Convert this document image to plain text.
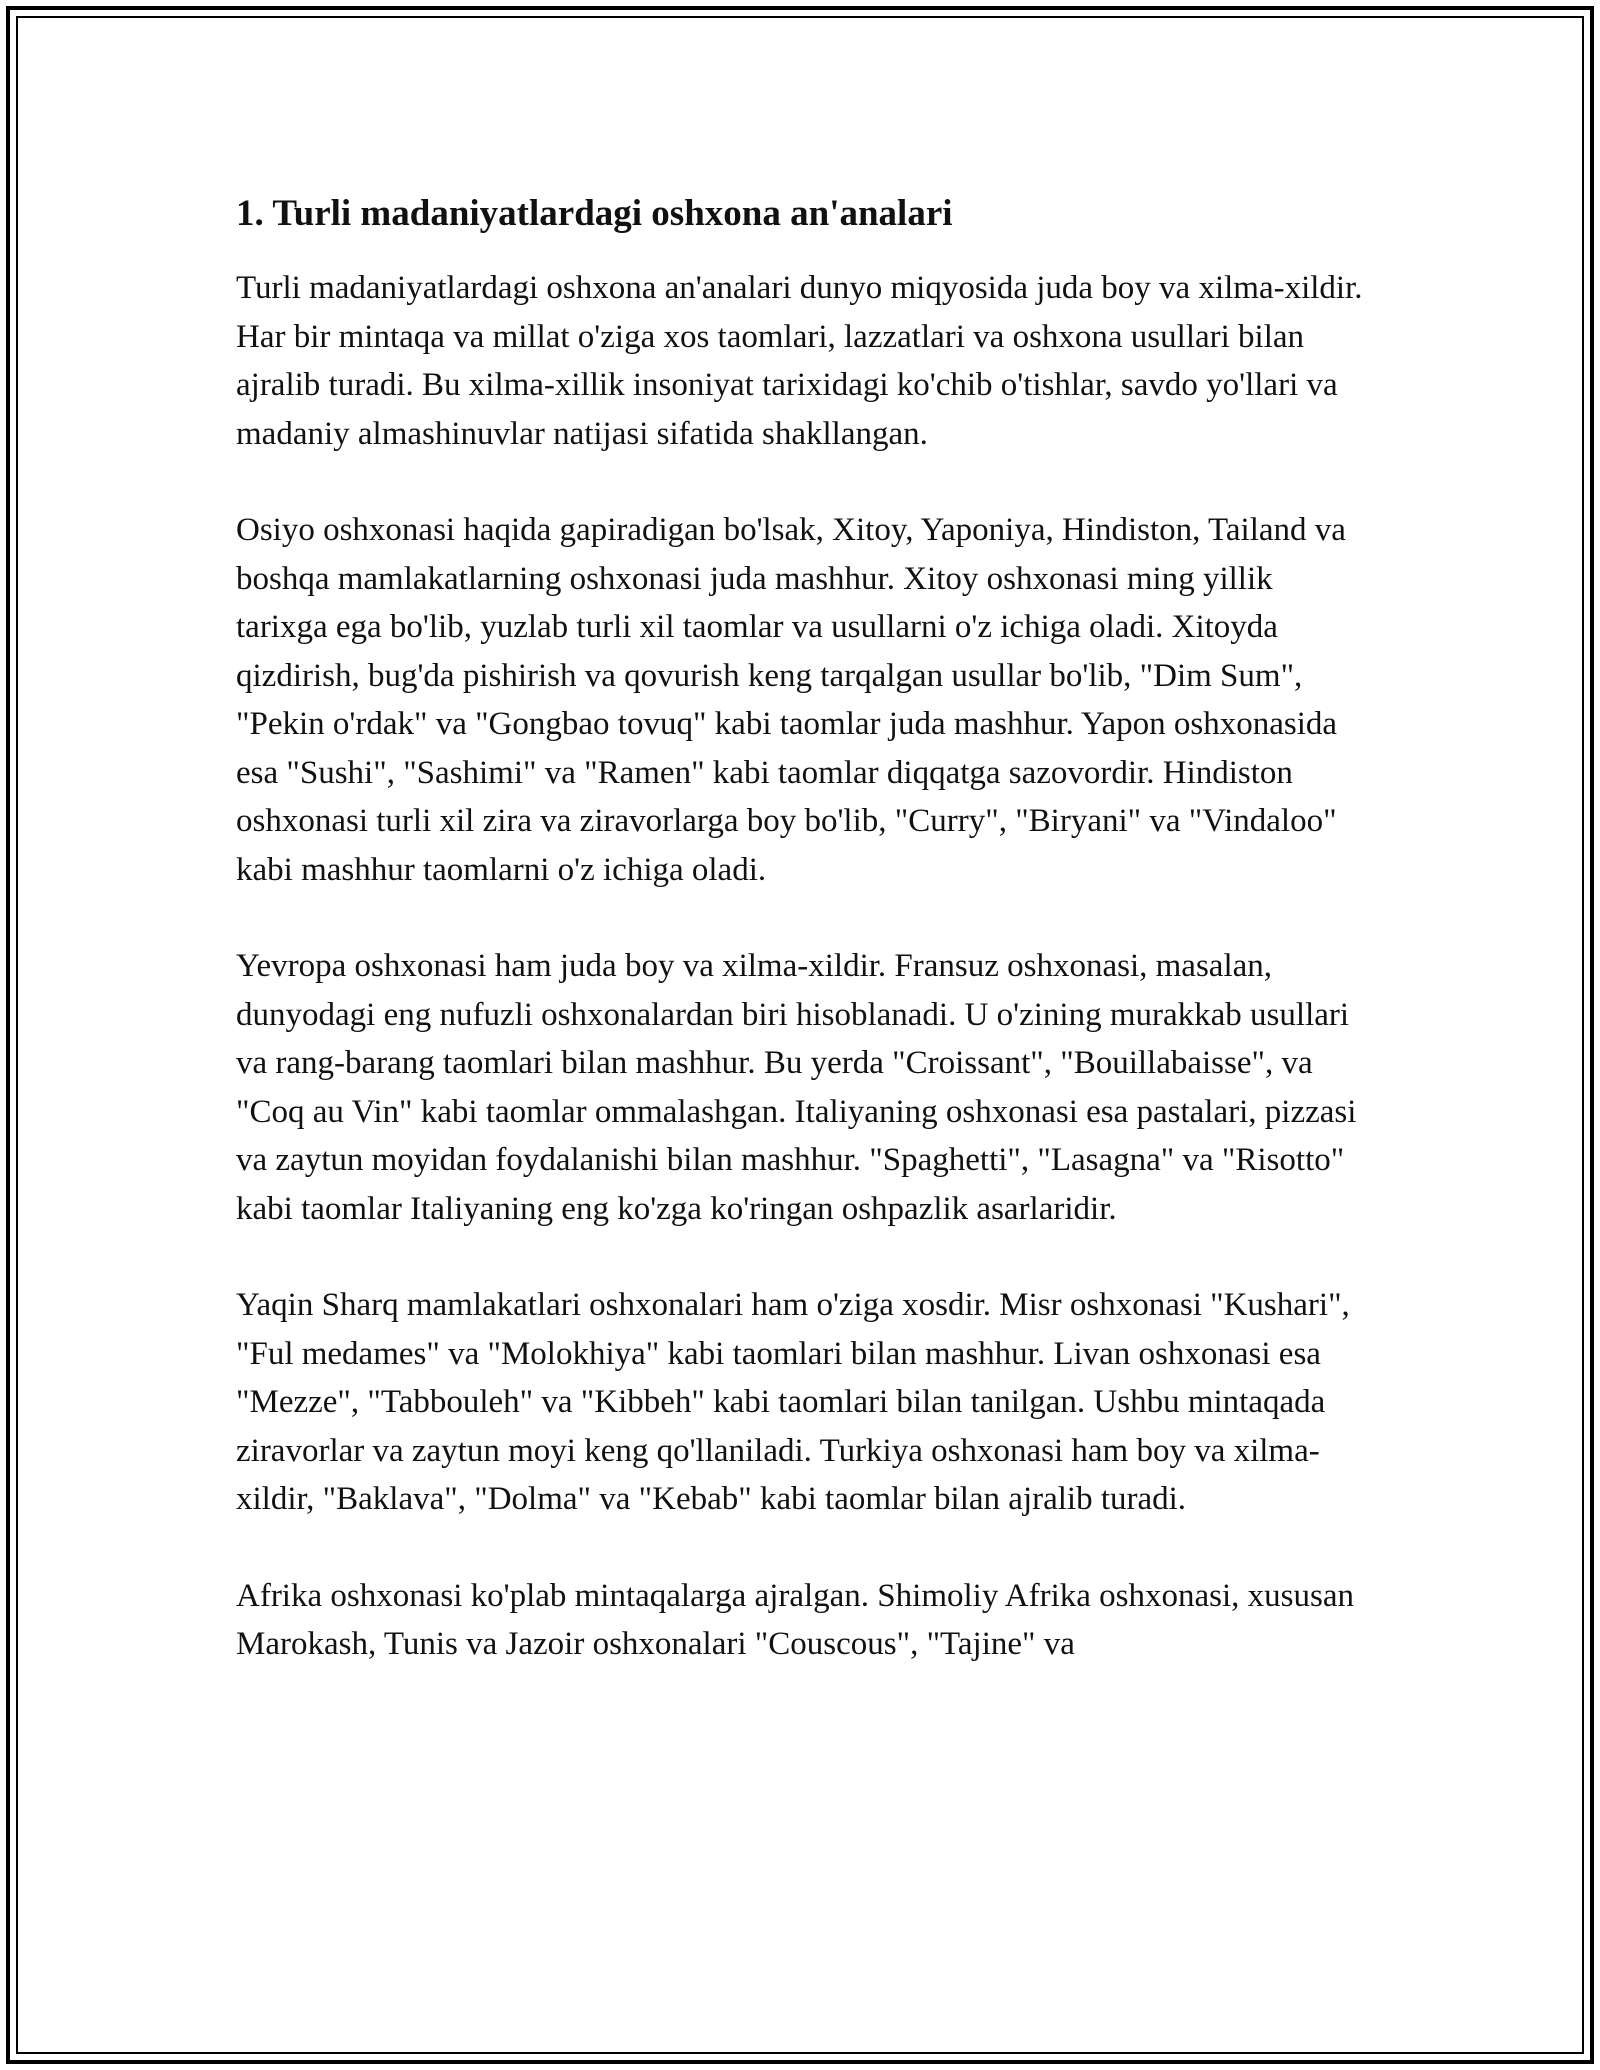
1. Turli madaniyatlardagi oshxona an'analari

Turli madaniyatlardagi oshxona an'analari dunyo miqyosida juda boy va xilma-xildir. Har bir mintaqa va millat o'ziga xos taomlari, lazzatlari va oshxona usullari bilan ajralib turadi. Bu xilma-xillik insoniyat tarixidagi ko'chib o'tishlar, savdo yo'llari va madaniy almashinuvlar natijasi sifatida shakllangan.

Osiyo oshxonasi haqida gapiradigan bo'lsak, Xitoy, Yaponiya, Hindiston, Tailand va boshqa mamlakatlarning oshxonasi juda mashhur. Xitoy oshxonasi ming yillik tarixga ega bo'lib, yuzlab turli xil taomlar va usullarni o'z ichiga oladi. Xitoyda qizdirish, bug'da pishirish va qovurish keng tarqalgan usullar bo'lib, "Dim Sum", "Pekin o'rdak" va "Gongbao tovuq" kabi taomlar juda mashhur. Yapon oshxonasida esa "Sushi", "Sashimi" va "Ramen" kabi taomlar diqqatga sazovordir. Hindiston oshxonasi turli xil zira va ziravorlarga boy bo'lib, "Curry", "Biryani" va "Vindaloo" kabi mashhur taomlarni o'z ichiga oladi.

Yevropa oshxonasi ham juda boy va xilma-xildir. Fransuz oshxonasi, masalan, dunyodagi eng nufuzli oshxonalardan biri hisoblanadi. U o'zining murakkab usullari va rang-barang taomlari bilan mashhur. Bu yerda "Croissant", "Bouillabaisse", va "Coq au Vin" kabi taomlar ommalashgan. Italiyaning oshxonasi esa pastalari, pizzasi va zaytun moyidan foydalanishi bilan mashhur. "Spaghetti", "Lasagna" va "Risotto" kabi taomlar Italiyaning eng ko'zga ko'ringan oshpazlik asarlaridir.

Yaqin Sharq mamlakatlari oshxonalari ham o'ziga xosdir. Misr oshxonasi "Kushari", "Ful medames" va "Molokhiya" kabi taomlari bilan mashhur. Livan oshxonasi esa "Mezze", "Tabbouleh" va "Kibbeh" kabi taomlari bilan tanilgan. Ushbu mintaqada ziravorlar va zaytun moyi keng qo'llaniladi. Turkiya oshxonasi ham boy va xilma-xildir, "Baklava", "Dolma" va "Kebab" kabi taomlar bilan ajralib turadi.

Afrika oshxonasi ko'plab mintaqalarga ajralgan. Shimoliy Afrika oshxonasi, xususan Marokash, Tunis va Jazoir oshxonalari "Couscous", "Tajine" va
